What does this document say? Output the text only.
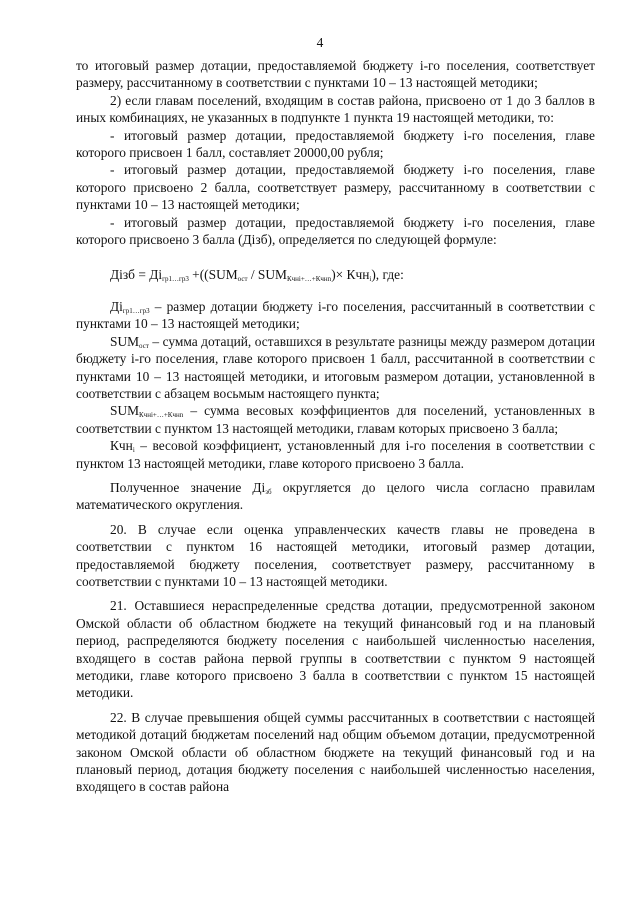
4

то итоговый размер дотации, предоставляемой бюджету i-го поселения, соответствует размеру, рассчитанному в соответствии с пунктами 10 – 13 настоящей методики;

2) если главам поселений, входящим в состав района, присвоено от 1 до 3 баллов в иных комбинациях, не указанных в подпункте 1 пункта 19 настоящей методики, то:

- итоговый размер дотации, предоставляемой бюджету i-го поселения, главе которого присвоен 1 балл, составляет 20000,00 рубля;

- итоговый размер дотации, предоставляемой бюджету i-го поселения, главе которого присвоено 2 балла, соответствует размеру, рассчитанному в соответствии с пунктами 10 – 13 настоящей методики;

- итоговый размер дотации, предоставляемой бюджету i-го поселения, главе которого присвоено 3 балла (Дiзб), определяется по следующей формуле:

Дiзб = $Дi_{гр1\dots гр3} +((SUM_{ост} / SUM_{Кчнi+\dots+Кчнn})\times Кчн_i)$, где:

$Дi_{гр1\dots гр3}$ – размер дотации бюджету i-го поселения, рассчитанный в соответствии с пунктами 10 – 13 настоящей методики;

$SUM_{ост}$ – сумма дотаций, оставшихся в результате разницы между размером дотации бюджету i-го поселения, главе которого присвоен 1 балл, рассчитанной в соответствии с пунктами 10 – 13 настоящей методики, и итоговым размером дотации, установленной в соответствии с абзацем восьмым настоящего пункта;

$SUM_{Кчнi+\dots+Кчнn}$ – сумма весовых коэффициентов для поселений, установленных в соответствии с пунктом 13 настоящей методики, главам которых присвоено 3 балла;

Кчн$_i$ – весовой коэффициент, установленный для i-го поселения в соответствии с пунктом 13 настоящей методики, главе которого присвоено 3 балла.

Полученное значение $Дi_{зб}$ округляется до целого числа согласно правилам математического округления.

20. В случае если оценка управленческих качеств главы не проведена в соответствии с пунктом 16 настоящей методики, итоговый размер дотации, предоставляемой бюджету поселения, соответствует размеру, рассчитанному в соответствии с пунктами 10 – 13 настоящей методики.

21. Оставшиеся нераспределенные средства дотации, предусмотренной законом Омской области об областном бюджете на текущий финансовый год и на плановый период, распределяются бюджету поселения с наибольшей численностью населения, входящего в состав района первой группы в соответствии с пунктом 9 настоящей методики, главе которого присвоено 3 балла в соответствии с пунктом 15 настоящей методики.

22. В случае превышения общей суммы рассчитанных в соответствии с настоящей методикой дотаций бюджетам поселений над общим объемом дотации, предусмотренной законом Омской области об областном бюджете на текущий финансовый год и на плановый период, дотация бюджету поселения с наибольшей численностью населения, входящего в состав района
